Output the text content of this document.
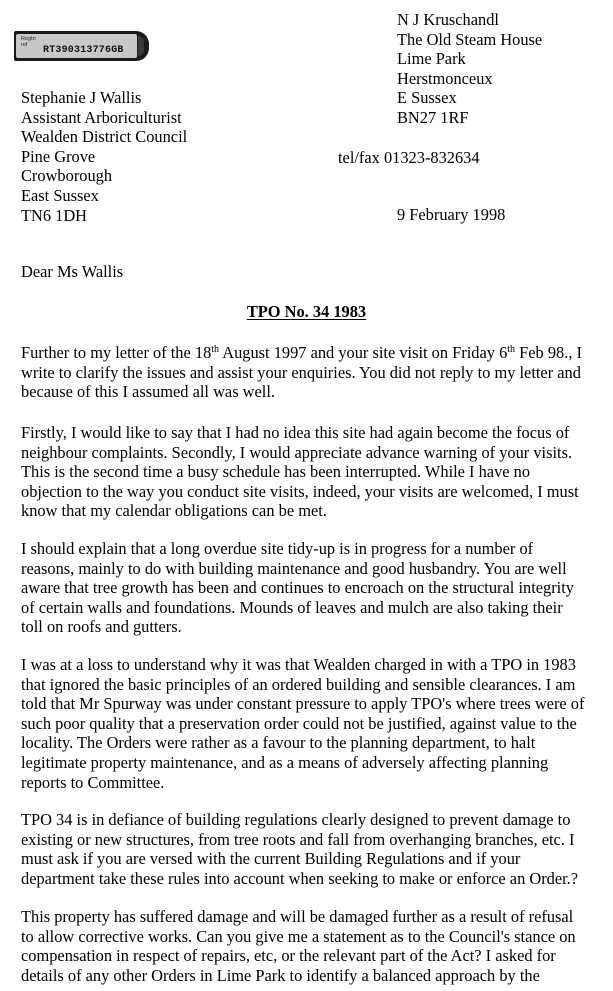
Regtn ref	RT390313776GB
N J Kruschandl
The Old Steam House
Lime Park
Herstmonceux
E Sussex
BN27 1RF
Stephanie J Wallis
Assistant Arboriculturist
Wealden District Council
Pine Grove
Crowborough
East Sussex
TN6 1DH
tel/fax 01323-832634
9 February 1998
Dear Ms Wallis
TPO No. 34 1983
Further to my letter of the 18th August 1997 and your site visit on Friday 6th Feb 98., I
write to clarify the issues and assist your enquiries. You did not reply to my letter and
because of this I assumed all was well.
Firstly, I would like to say that I had no idea this site had again become the focus of
neighbour complaints. Secondly, I would appreciate advance warning of your visits.
This is the second time a busy schedule has been interrupted. While I have no
objection to the way you conduct site visits, indeed, your visits are welcomed, I must
know that my calendar obligations can be met.
I should explain that a long overdue site tidy-up is in progress for a number of
reasons, mainly to do with building maintenance and good husbandry. You are well
aware that tree growth has been and continues to encroach on the structural integrity
of certain walls and foundations. Mounds of leaves and mulch are also taking their
toll on roofs and gutters.
I was at a loss to understand why it was that Wealden charged in with a TPO in 1983
that ignored the basic principles of an ordered building and sensible clearances. I am
told that Mr Spurway was under constant pressure to apply TPO's where trees were of
such poor quality that a preservation order could not be justified, against value to the
locality. The Orders were rather as a favour to the planning department, to halt
legitimate property maintenance, and as a means of adversely affecting planning
reports to Committee.
TPO 34 is in defiance of building regulations clearly designed to prevent damage to
existing or new structures, from tree roots and fall from overhanging branches, etc. I
must ask if you are versed with the current Building Regulations and if your
department take these rules into account when seeking to make or enforce an Order.?
This property has suffered damage and will be damaged further as a result of refusal
to allow corrective works. Can you give me a statement as to the Council's stance on
compensation in respect of repairs, etc, or the relevant part of the Act? I asked for
details of any other Orders in Lime Park to identify a balanced approach by the
